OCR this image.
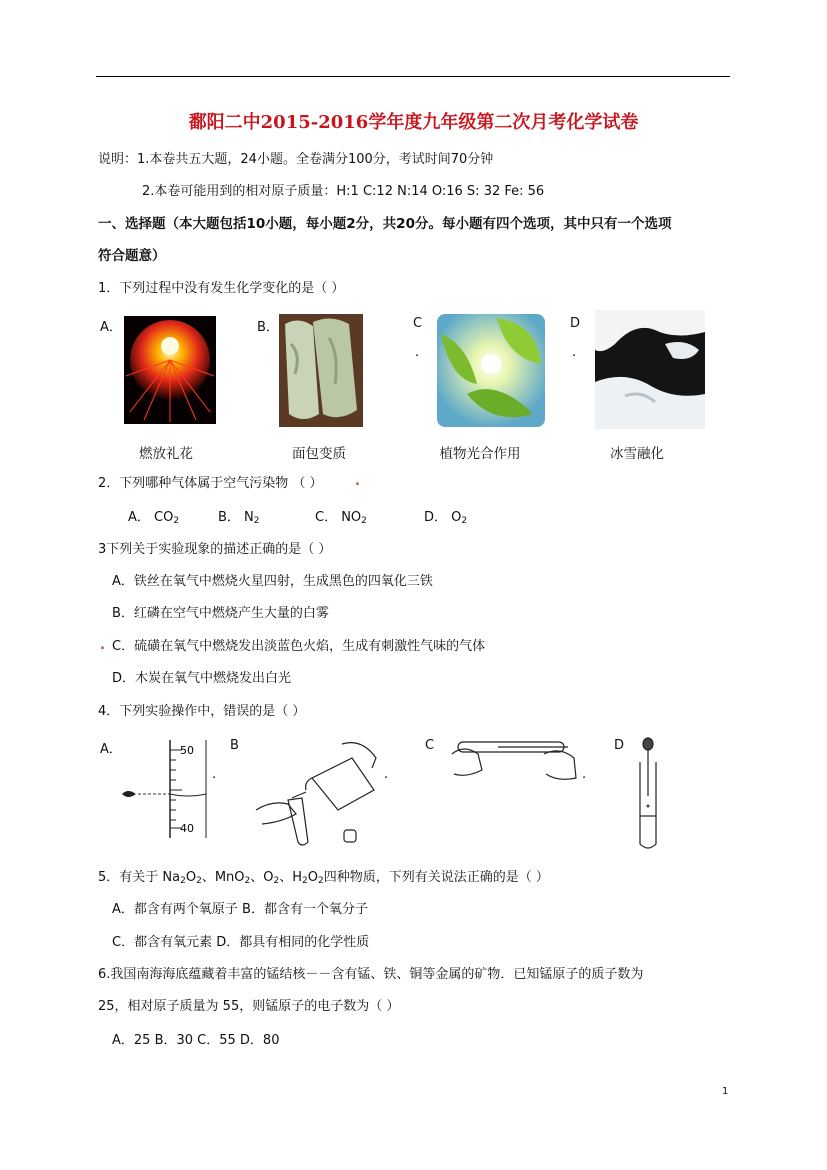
鄱阳二中2015-2016学年度九年级第二次月考化学试卷
说明：1.本卷共五大题，24小题。全卷满分100分，考试时间70分钟
2.本卷可能用到的相对原子质量：H:1 C:12 N:14 O:16 S: 32 Fe: 56
一、选择题（本大题包括10小题，每小题2分，共20分。每小题有四个选项，其中只有一个选项
符合题意）
1．下列过程中没有发生化学变化的是（ ）
A．
燃放礼花
B．
面包变质
C
.
植物光合作用
D
.
冰雪融化
2．下列哪种气体属于空气污染物 （ ） .
A． $CO_2$	B． $N_2$	C． $NO_2$	D． $O_2$
3下列关于实验现象的描述正确的是（ ）
A．铁丝在氧气中燃烧火星四射，生成黑色的四氧化三铁
B．红磷在空气中燃烧产生大量的白雾
. C．硫磺在氧气中燃烧发出淡蓝色火焰，生成有刺激性气味的气体
D．木炭在氧气中燃烧发出白光
4．下列实验操作中，错误的是（ ）
A．	50
40
.
B
.
C
.
D
5．有关于 $Na_2O_2$、MnO$_2$、$O_2$、$H_2O_2$四种物质，下列有关说法正确的是（ ）
A．都含有两个氧原子 B．都含有一个氧分子
C．都含有氧元素 D．都具有相同的化学性质
6.我国南海海底蕴藏着丰富的锰结核－－含有锰、铁、铜等金属的矿物．已知锰原子的质子数为
25，相对原子质量为 55，则锰原子的电子数为（ ）
A．25 B．30 C．55 D．80
1
